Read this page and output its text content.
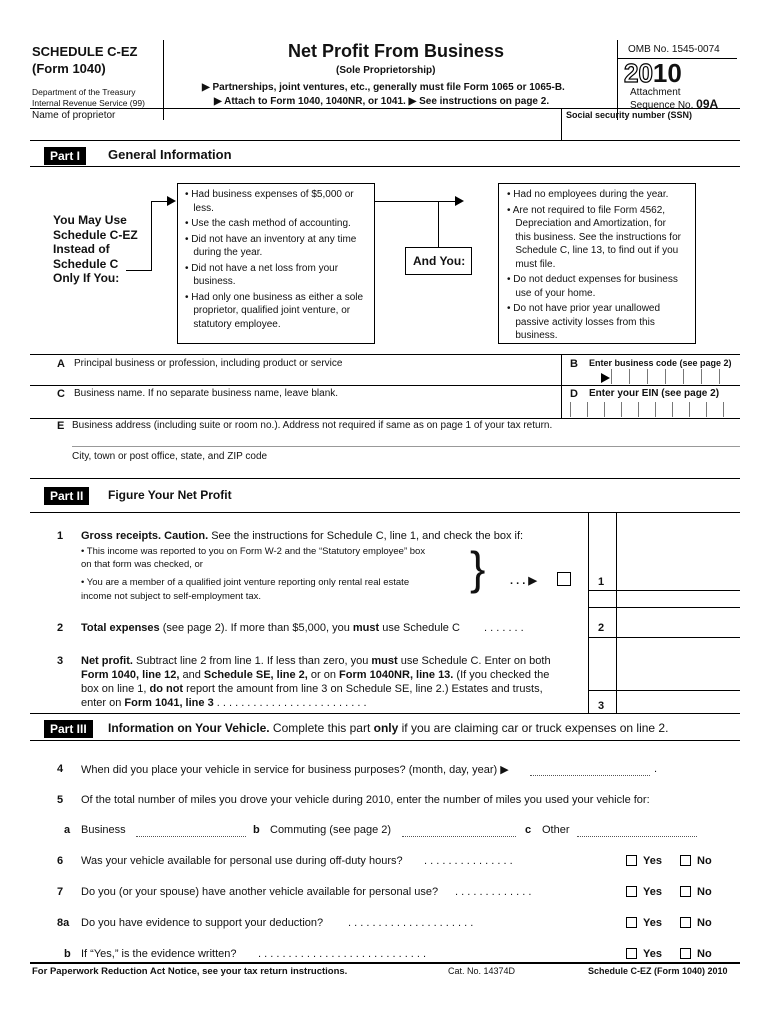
SCHEDULE C-EZ
(Form 1040)
Department of the Treasury
Internal Revenue Service (99)
Net Profit From Business
(Sole Proprietorship)
▶ Partnerships, joint ventures, etc., generally must file Form 1065 or 1065-B.
▶ Attach to Form 1040, 1040NR, or 1041. ▶ See instructions on page 2.
OMB No. 1545-0074
2010
Attachment
Sequence No. 09A
Name of proprietor	Social security number (SSN)
Part I	General Information
You May Use
Schedule C-EZ
Instead of
Schedule C
Only If You:
• Had business expenses of $5,000 or
less.
• Use the cash method of accounting.
• Did not have an inventory at any time
during the year.
• Did not have a net loss from your
business.
• Had only one business as either a sole
proprietor, qualified joint venture, or
statutory employee.
And You:
• Had no employees during the year.
• Are not required to file Form 4562,
Depreciation and Amortization, for
this business. See the instructions for
Schedule C, line 13, to find out if you
must file.
• Do not deduct expenses for business
use of your home.
• Do not have prior year unallowed
passive activity losses from this
business.
A Principal business or profession, including product or service	B Enter business code (see page 2)
C Business name. If no separate business name, leave blank.	D Enter your EIN (see page 2)
E Business address (including suite or room no.). Address not required if same as on page 1 of your tax return.
City, town or post office, state, and ZIP code
Part II	Figure Your Net Profit
1 Gross receipts. Caution. See the instructions for Schedule C, line 1, and check the box if:
• This income was reported to you on Form W-2 and the “Statutory employee” box
on that form was checked, or
• You are a member of a qualified joint venture reporting only rental real estate
income not subject to self-employment tax.
} . . . ▶	1
2 Total expenses (see page 2). If more than $5,000, you must use Schedule C . . . . . . .	2
3 Net profit. Subtract line 2 from line 1. If less than zero, you must use Schedule C. Enter on both
Form 1040, line 12, and Schedule SE, line 2, or on Form 1040NR, line 13. (If you checked the
box on line 1, do not report the amount from line 3 on Schedule SE, line 2.) Estates and trusts,
enter on Form 1041, line 3 . . . . . . . . . . . . . . . . . . . . . . . . .	3
Part III	Information on Your Vehicle. Complete this part only if you are claiming car or truck expenses on line 2.
4 When did you place your vehicle in service for business purposes? (month, day, year) ▶	.
5 Of the total number of miles you drove your vehicle during 2010, enter the number of miles you used your vehicle for:
a Business	b Commuting (see page 2)	c Other
6 Was your vehicle available for personal use during off-duty hours? . . . . . . . . . . . . . . .	Yes	No
7 Do you (or your spouse) have another vehicle available for personal use? . . . . . . . . . . . . .	Yes	No
8a Do you have evidence to support your deduction? . . . . . . . . . . . . . . . . . . . . .	Yes	No
b If “Yes,” is the evidence written? . . . . . . . . . . . . . . . . . . . . . . . . . . . .	Yes	No
For Paperwork Reduction Act Notice, see your tax return instructions.	Cat. No. 14374D	Schedule C-EZ (Form 1040) 2010
